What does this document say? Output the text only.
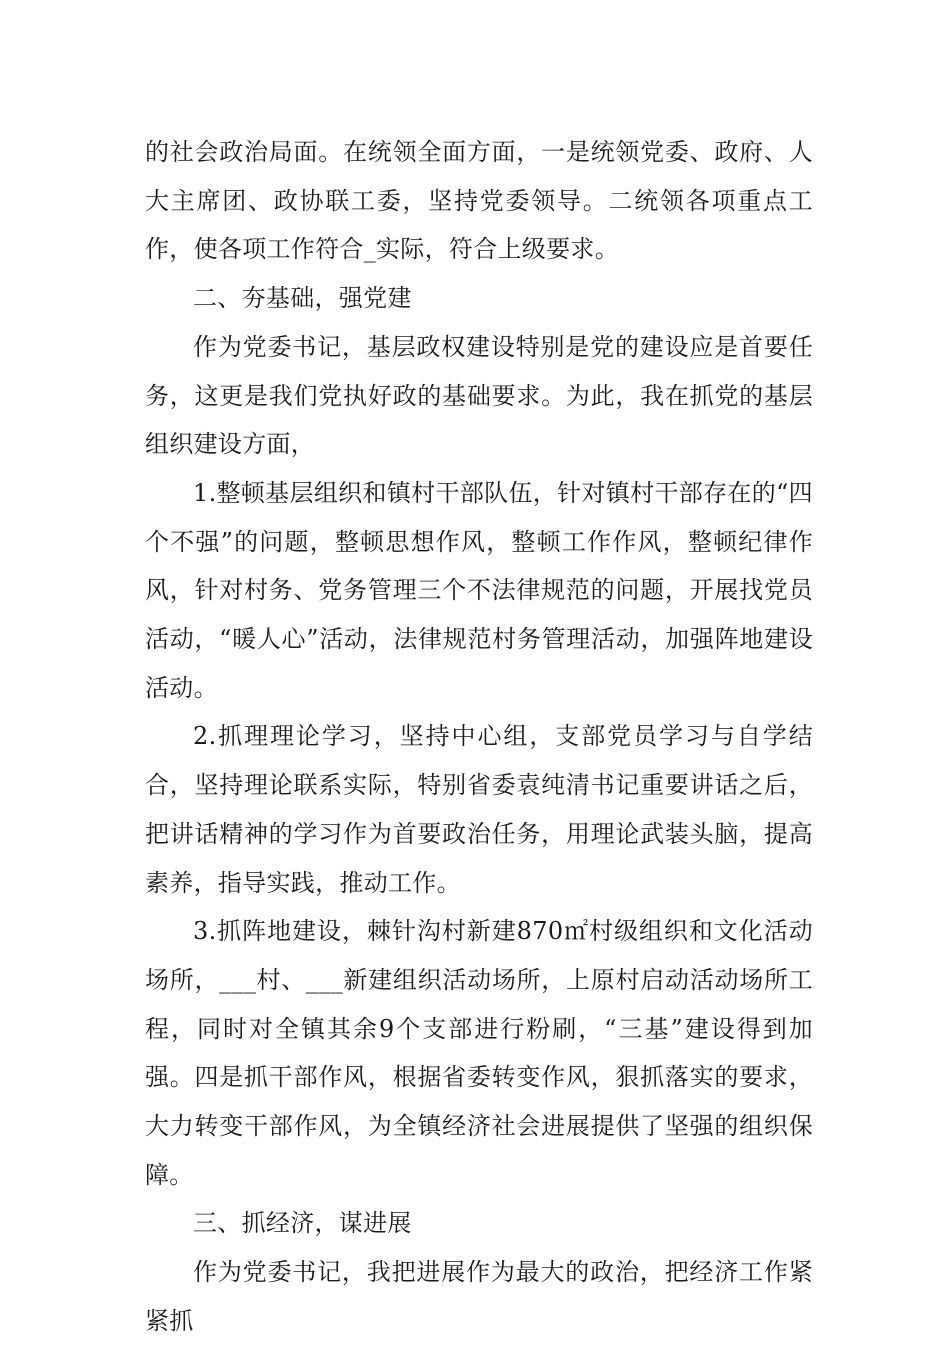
的社会政治局面。在统领全面方面，一是统领党委、政府、人大主席团、政协联工委，坚持党委领导。二统领各项重点工作，使各项工作符合_实际，符合上级要求。

二、夯基础，强党建

作为党委书记，基层政权建设特别是党的建设应是首要任务，这更是我们党执好政的基础要求。为此，我在抓党的基层组织建设方面，

1.整顿基层组织和镇村干部队伍，针对镇村干部存在的“四个不强”的问题，整顿思想作风，整顿工作作风，整顿纪律作风，针对村务、党务管理三个不法律规范的问题，开展找党员活动，“暖人心”活动，法律规范村务管理活动，加强阵地建设活动。

2.抓理理论学习，坚持中心组，支部党员学习与自学结合，坚持理论联系实际，特别省委袁纯清书记重要讲话之后，把讲话精神的学习作为首要政治任务，用理论武装头脑，提高素养，指导实践，推动工作。

3.抓阵地建设，棘针沟村新建870㎡村级组织和文化活动场所，___村、___新建组织活动场所，上原村启动活动场所工程，同时对全镇其余9个支部进行粉刷，“三基”建设得到加强。四是抓干部作风，根据省委转变作风，狠抓落实的要求，大力转变干部作风，为全镇经济社会进展提供了坚强的组织保障。

三、抓经济，谋进展

作为党委书记，我把进展作为最大的政治，把经济工作紧紧抓
